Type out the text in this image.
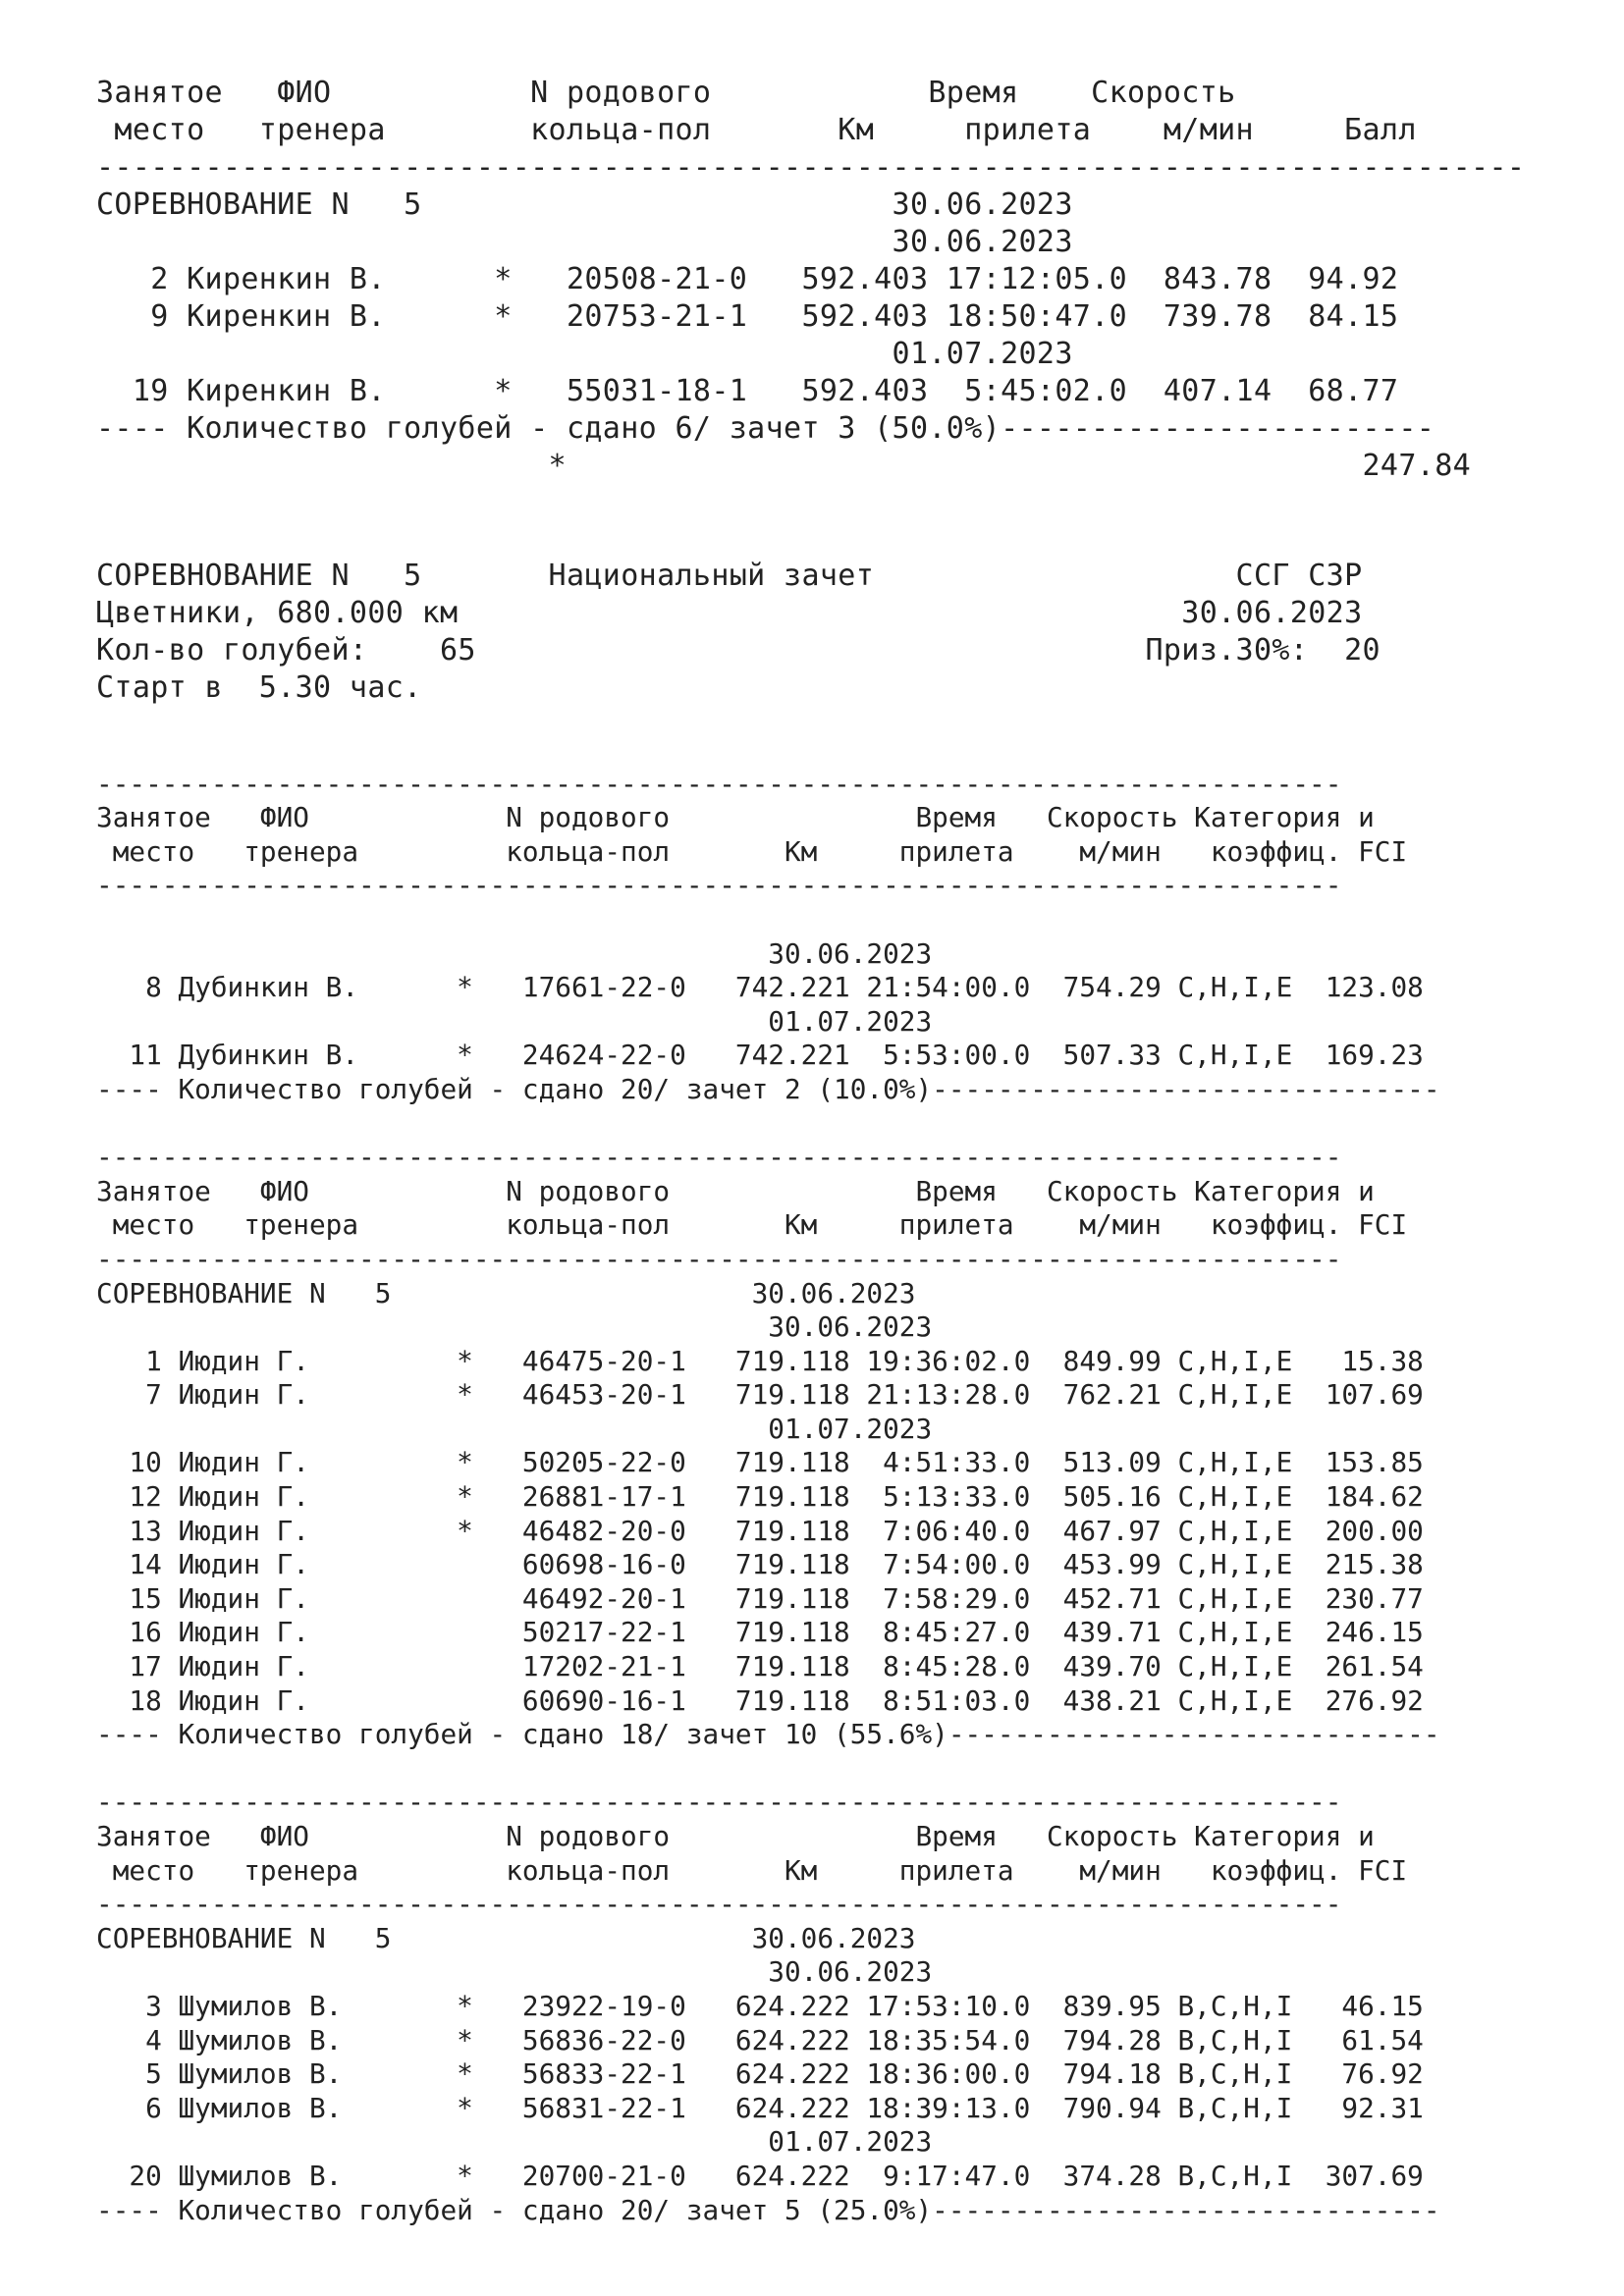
Занятое   ФИО           N родового            Время    Скорость
место   тренера        кольца-пол       Км     прилета    м/мин     Балл
-------------------------------------------------------------------------------
СОРЕВНОВАНИЕ N   5                          30.06.2023
30.06.2023
2 Киренкин В.      *   20508-21-0   592.403 17:12:05.0  843.78  94.92
9 Киренкин В.      *   20753-21-1   592.403 18:50:47.0  739.78  84.15
01.07.2023
19 Киренкин В.      *   55031-18-1   592.403  5:45:02.0  407.14  68.77
---- Количество голубей - сдано 6/ зачет 3 (50.0%)------------------------
*                                            247.84
СОРЕВНОВАНИЕ N   5       Национальный зачет                    ССГ СЗР
Цветники, 680.000 км                                        30.06.2023
Кол-во голубей:    65                                     Приз.30%:  20
Старт в  5.30 час.

----------------------------------------------------------------------------
Занятое   ФИО            N родового               Время   Скорость Категория и
место   тренера         кольца-пол       Км     прилета    м/мин   коэффиц. FCI
----------------------------------------------------------------------------

30.06.2023
8 Дубинкин В.      *   17661-22-0   742.221 21:54:00.0  754.29 C,H,I,E  123.08
01.07.2023
11 Дубинкин В.      *   24624-22-0   742.221  5:53:00.0  507.33 C,H,I,E  169.23
---- Количество голубей - сдано 20/ зачет 2 (10.0%)-------------------------------

----------------------------------------------------------------------------
Занятое   ФИО            N родового               Время   Скорость Категория и
место   тренера         кольца-пол       Км     прилета    м/мин   коэффиц. FCI
----------------------------------------------------------------------------
СОРЕВНОВАНИЕ N   5                      30.06.2023
30.06.2023
1 Июдин Г.         *   46475-20-1   719.118 19:36:02.0  849.99 C,H,I,E   15.38
7 Июдин Г.         *   46453-20-1   719.118 21:13:28.0  762.21 C,H,I,E  107.69
01.07.2023
10 Июдин Г.         *   50205-22-0   719.118  4:51:33.0  513.09 C,H,I,E  153.85
12 Июдин Г.         *   26881-17-1   719.118  5:13:33.0  505.16 C,H,I,E  184.62
13 Июдин Г.         *   46482-20-0   719.118  7:06:40.0  467.97 C,H,I,E  200.00
14 Июдин Г.             60698-16-0   719.118  7:54:00.0  453.99 C,H,I,E  215.38
15 Июдин Г.             46492-20-1   719.118  7:58:29.0  452.71 C,H,I,E  230.77
16 Июдин Г.             50217-22-1   719.118  8:45:27.0  439.71 C,H,I,E  246.15
17 Июдин Г.             17202-21-1   719.118  8:45:28.0  439.70 C,H,I,E  261.54
18 Июдин Г.             60690-16-1   719.118  8:51:03.0  438.21 C,H,I,E  276.92
---- Количество голубей - сдано 18/ зачет 10 (55.6%)------------------------------

----------------------------------------------------------------------------
Занятое   ФИО            N родового               Время   Скорость Категория и
место   тренера         кольца-пол       Км     прилета    м/мин   коэффиц. FCI
----------------------------------------------------------------------------
СОРЕВНОВАНИЕ N   5                      30.06.2023
30.06.2023
3 Шумилов В.       *   23922-19-0   624.222 17:53:10.0  839.95 B,C,H,I   46.15
4 Шумилов В.       *   56836-22-0   624.222 18:35:54.0  794.28 B,C,H,I   61.54
5 Шумилов В.       *   56833-22-1   624.222 18:36:00.0  794.18 B,C,H,I   76.92
6 Шумилов В.       *   56831-22-1   624.222 18:39:13.0  790.94 B,C,H,I   92.31
01.07.2023
20 Шумилов В.       *   20700-21-0   624.222  9:17:47.0  374.28 B,C,H,I  307.69
---- Количество голубей - сдано 20/ зачет 5 (25.0%)-------------------------------
